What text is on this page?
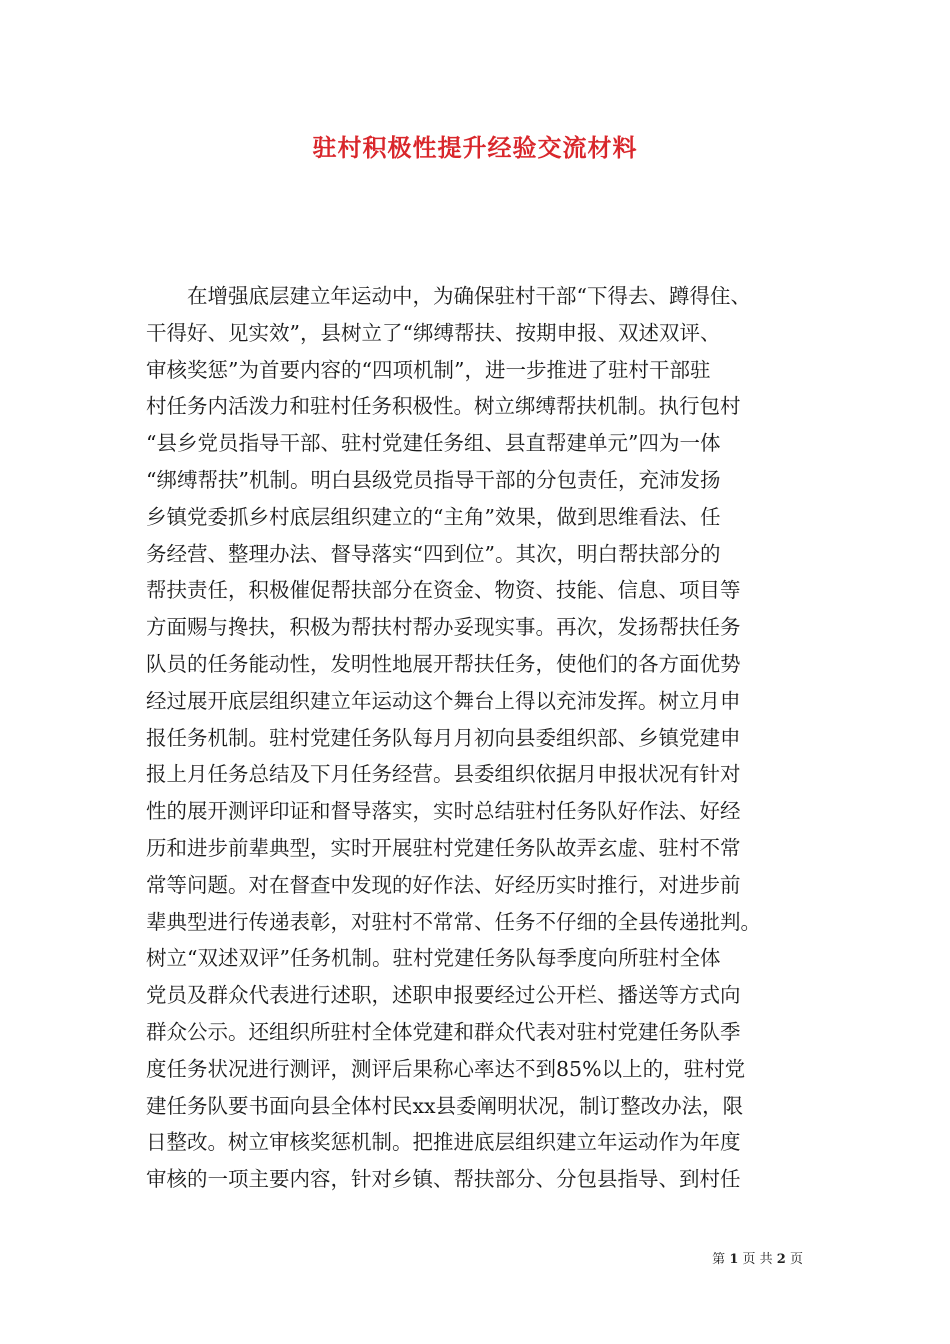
驻村积极性提升经验交流材料
在增强底层建立年运动中，为确保驻村干部“下得去、蹲得住、
干得好、见实效”，县树立了“绑缚帮扶、按期申报、双述双评、
审核奖惩”为首要内容的“四项机制”，进一步推进了驻村干部驻
村任务内活泼力和驻村任务积极性。树立绑缚帮扶机制。执行包村
“县乡党员指导干部、驻村党建任务组、县直帮建单元”四为一体
“绑缚帮扶”机制。明白县级党员指导干部的分包责任，充沛发扬
乡镇党委抓乡村底层组织建立的“主角”效果，做到思维看法、任
务经营、整理办法、督导落实“四到位”。其次，明白帮扶部分的
帮扶责任，积极催促帮扶部分在资金、物资、技能、信息、项目等
方面赐与搀扶，积极为帮扶村帮办妥现实事。再次，发扬帮扶任务
队员的任务能动性，发明性地展开帮扶任务，使他们的各方面优势
经过展开底层组织建立年运动这个舞台上得以充沛发挥。树立月申
报任务机制。驻村党建任务队每月月初向县委组织部、乡镇党建申
报上月任务总结及下月任务经营。县委组织依据月申报状况有针对
性的展开测评印证和督导落实，实时总结驻村任务队好作法、好经
历和进步前辈典型，实时开展驻村党建任务队故弄玄虚、驻村不常
常等问题。对在督查中发现的好作法、好经历实时推行，对进步前
辈典型进行传递表彰，对驻村不常常、任务不仔细的全县传递批判。
树立“双述双评”任务机制。驻村党建任务队每季度向所驻村全体
党员及群众代表进行述职，述职申报要经过公开栏、播送等方式向
群众公示。还组织所驻村全体党建和群众代表对驻村党建任务队季
度任务状况进行测评，测评后果称心率达不到85%以上的，驻村党
建任务队要书面向县全体村民xx县委阐明状况，制订整改办法，限
日整改。树立审核奖惩机制。把推进底层组织建立年运动作为年度
审核的一项主要内容，针对乡镇、帮扶部分、分包县指导、到村任
第 1 页 共 2 页
